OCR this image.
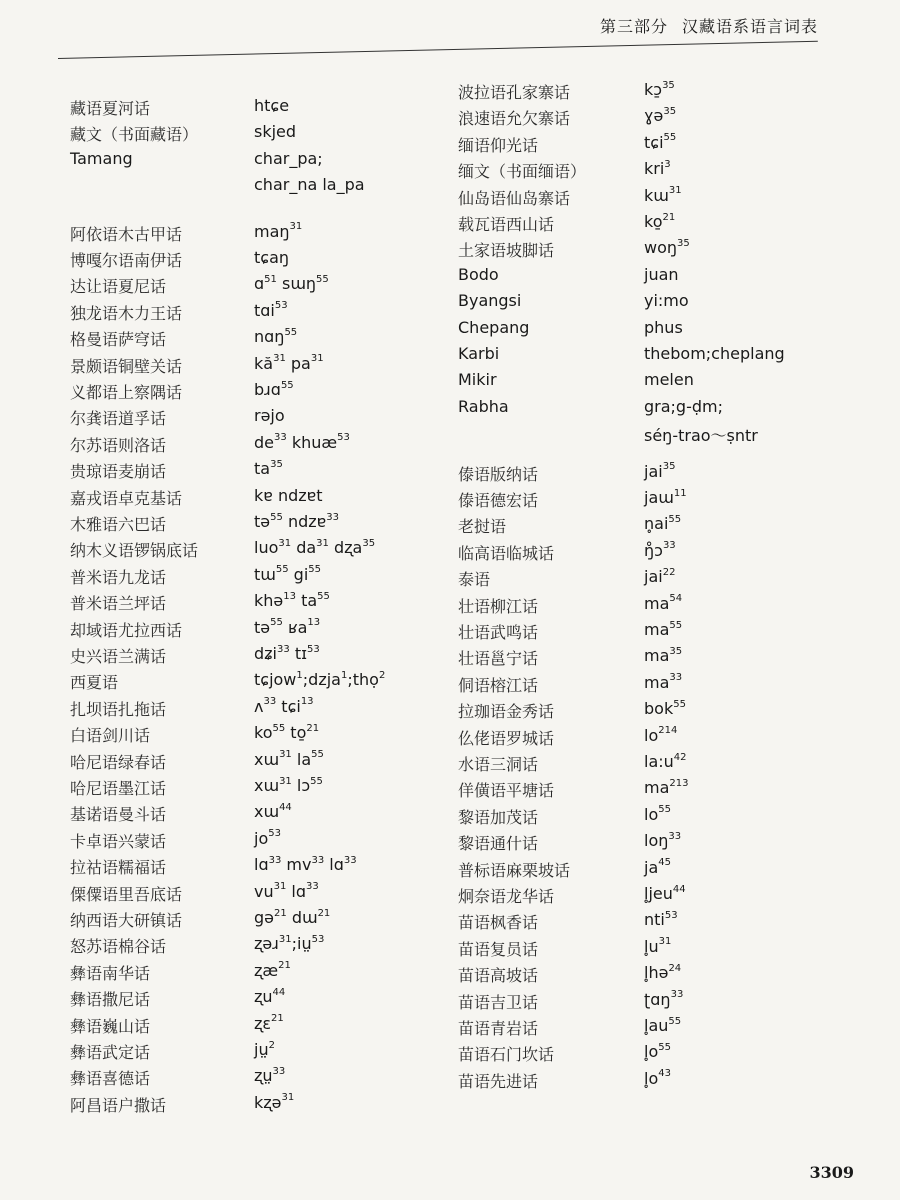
第三部分 汉藏语系语言词表
藏语夏河话	htɕe
藏文（书面藏语）	skjed
Tamang	char_pa;
char_na la_pa
阿依语木古甲话	maŋ$^{31}$
博嘎尔语南伊话	tɕaŋ
达让语夏尼话	ɑ$^{51}$ sɯŋ$^{55}$
独龙语木力王话	tɑi$^{53}$
格曼语萨穹话	nɑŋ$^{55}$
景颇语铜壁关话	$kă^{31}$ $pa^{31}$
义都语上察隅话	bɹɑ$^{55}$
尔龚语道孚话	rəjo
尔苏语则洛话	$de^{33}$ khuæ$^{53}$
贵琼语麦崩话	$ta^{35}$
嘉戎语卓克基话	kɐ ndzɐt
木雅语六巴话	tə$^{55}$ ndzɐ$^{33}$
纳木义语锣锅底话	luo$^{31}$ $da^{31}$ dʐa$^{35}$
普米语九龙话	tɯ$^{55}$ $gi^{55}$
普米语兰坪话	khə$^{13}$ $ta^{55}$
却域语尤拉西话	tə$^{55}$ ʁa$^{13}$
史兴语兰满话	dʑi$^{33}$ tɪ$^{53}$
西夏语	tɕjow$^1$;dzja$^1$;thọ$^2$
扎坝语扎拖话	ʌ$^{33}$ tɕi$^{13}$
白语剑川话	$ko^{55}$ to̱$^{21}$
哈尼语绿春话	xɯ$^{31}$ $la^{55}$
哈尼语墨江话	xɯ$^{31}$ lɔ$^{55}$
基诺语曼斗话	xɯ$^{44}$
卡卓语兴蒙话	$jo^{53}$
拉祜语糯福话	lɑ$^{33}$ $mv^{33}$ lɑ$^{33}$
傈僳语里吾底话	$vu^{31}$ lɑ$^{33}$
纳西语大研镇话	gə$^{21}$ dɯ$^{21}$
怒苏语棉谷话	ʐəɹ$^{31}$;iṳ$^{53}$
彝语南华话	ʐæ$^{21}$
彝语撒尼话	ʐu$^{44}$
彝语巍山话	ʐɛ$^{21}$
彝语武定话	jṳ$^2$
彝语喜德话	ʐṳ$^{33}$
阿昌语户撒话	kʐə$^{31}$
波拉语孔家寨话	kɔ̱$^{35}$
浪速语允欠寨话	ɣə$^{35}$
缅语仰光话	tɕi$^{55}$
缅文（书面缅语）	kri$^3$
仙岛语仙岛寨话	kɯ$^{31}$
载瓦语西山话	ko̱$^{21}$
土家语坡脚话	woŋ$^{35}$
Bodo	juan
Byangsi	yi:mo
Chepang	phus
Karbi	thebom;cheplang
Mikir	melen
Rabha	gra;g-ḍm;
séŋ-trao～ṣntr
傣语版纳话	jai$^{35}$
傣语德宏话	jaɯ$^{11}$
老挝语	$n̥ai^{55}$
临高语临城话	ŋ̊ɔ$^{33}$
泰语	jai$^{22}$
壮语柳江话	$ma^{54}$
壮语武鸣话	$ma^{55}$
壮语邕宁话	$ma^{35}$
侗语榕江话	$ma^{33}$
拉珈语金秀话	bok$^{55}$
仫佬语罗城话	$lo^{214}$
水语三洞话	$la:u^{42}$
佯僙语平塘话	$ma^{213}$
黎语加茂话	$lo^{55}$
黎语通什话	loŋ$^{33}$
普标语麻栗坡话	$ja^{45}$
炯奈语龙华话	l̥jeu$^{44}$
苗语枫香话	nti$^{53}$
苗语复员话	$l̥u^{31}$
苗语高坡话	l̥hə$^{24}$
苗语吉卫话	ʈɑŋ$^{33}$
苗语青岩话	$l̥au^{55}$
苗语石门坎话	$l̥o^{55}$
苗语先进话	$l̥o^{43}$
3309
